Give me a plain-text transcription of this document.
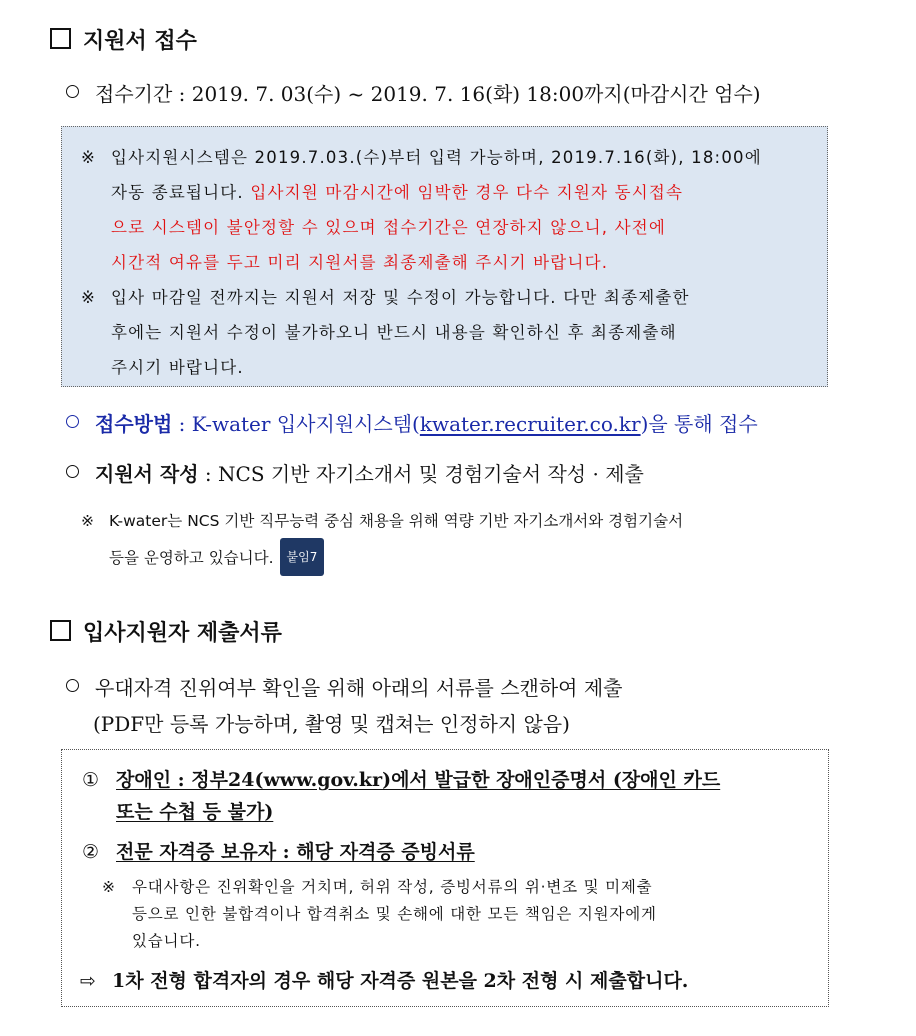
지원서 접수
접수기간 : 2019. 7. 03(수) ~ 2019. 7. 16(화) 18:00까지(마감시간 엄수)
※ 입사지원시스템은 2019.7.03.(수)부터 입력 가능하며, 2019.7.16(화), 18:00에
자동 종료됩니다. 입사지원 마감시간에 임박한 경우 다수 지원자 동시접속
으로 시스템이 불안정할 수 있으며 접수기간은 연장하지 않으니, 사전에
시간적 여유를 두고 미리 지원서를 최종제출해 주시기 바랍니다.
※ 입사 마감일 전까지는 지원서 저장 및 수정이 가능합니다. 다만 최종제출한
후에는 지원서 수정이 불가하오니 반드시 내용을 확인하신 후 최종제출해
주시기 바랍니다.
접수방법 : K-water 입사지원시스템(kwater.recruiter.co.kr)을 통해 접수
지원서 작성 : NCS 기반 자기소개서 및 경험기술서 작성 · 제출
※ K-water는 NCS 기반 직무능력 중심 채용을 위해 역량 기반 자기소개서와 경험기술서
등을 운영하고 있습니다. 붙임7
입사지원자 제출서류
우대자격 진위여부 확인을 위해 아래의 서류를 스캔하여 제출
(PDF만 등록 가능하며, 촬영 및 캡쳐는 인정하지 않음)
① 장애인 : 정부24(www.gov.kr)에서 발급한 장애인증명서 (장애인 카드
또는 수첩 등 불가)
② 전문 자격증 보유자 : 해당 자격증 증빙서류
※ 우대사항은 진위확인을 거치며, 허위 작성, 증빙서류의 위·변조 및 미제출
등으로 인한 불합격이나 합격취소 및 손해에 대한 모든 책임은 지원자에게
있습니다.
⇨ 1차 전형 합격자의 경우 해당 자격증 원본을 2차 전형 시 제출합니다.
